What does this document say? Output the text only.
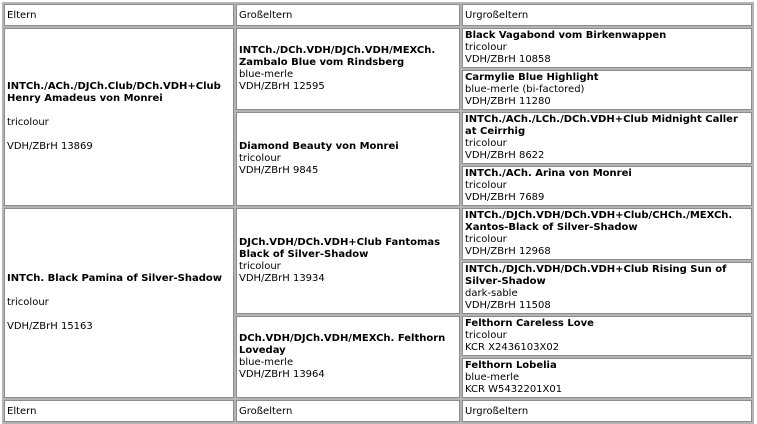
Eltern	Großeltern	Urgroßeltern

INTCh./ACh./DJCh.Club/DCh.VDH+Club Henry Amadeus von Monrei
tricolour
VDH/ZBrH 13869	INTCh./DCh.VDH/DJCh.VDH/MEXCh. Zambalo Blue vom Rindsberg
blue-merle
VDH/ZBrH 12595	Black Vagabond vom Birkenwappen
tricolour
VDH/ZBrH 10858

		Carmylie Blue Highlight
blue-merle (bi-factored)
VDH/ZBrH 11280

	Diamond Beauty von Monrei
tricolour
VDH/ZBrH 9845	INTCh./ACh./LCh./DCh.VDH+Club Midnight Caller at Ceirrhig
tricolour
VDH/ZBrH 8622

		INTCh./ACh. Arina von Monrei
tricolour
VDH/ZBrH 7689

INTCh. Black Pamina of Silver-Shadow
tricolour
VDH/ZBrH 15163	DJCh.VDH/DCh.VDH+Club Fantomas Black of Silver-Shadow
tricolour
VDH/ZBrH 13934	INTCh./DJCh.VDH/DCh.VDH+Club/CHCh./MEXCh. Xantos-Black of Silver-Shadow
tricolour
VDH/ZBrH 12968

		INTCh./DJCh.VDH/DCh.VDH+Club Rising Sun of Silver-Shadow
dark-sable
VDH/ZBrH 11508

	DCh.VDH/DJCh.VDH/MEXCh. Felthorn Loveday
blue-merle
VDH/ZBrH 13964	Felthorn Careless Love
tricolour
KCR X2436103X02

		Felthorn Lobelia
blue-merle
KCR W5432201X01

Eltern	Großeltern	Urgroßeltern
